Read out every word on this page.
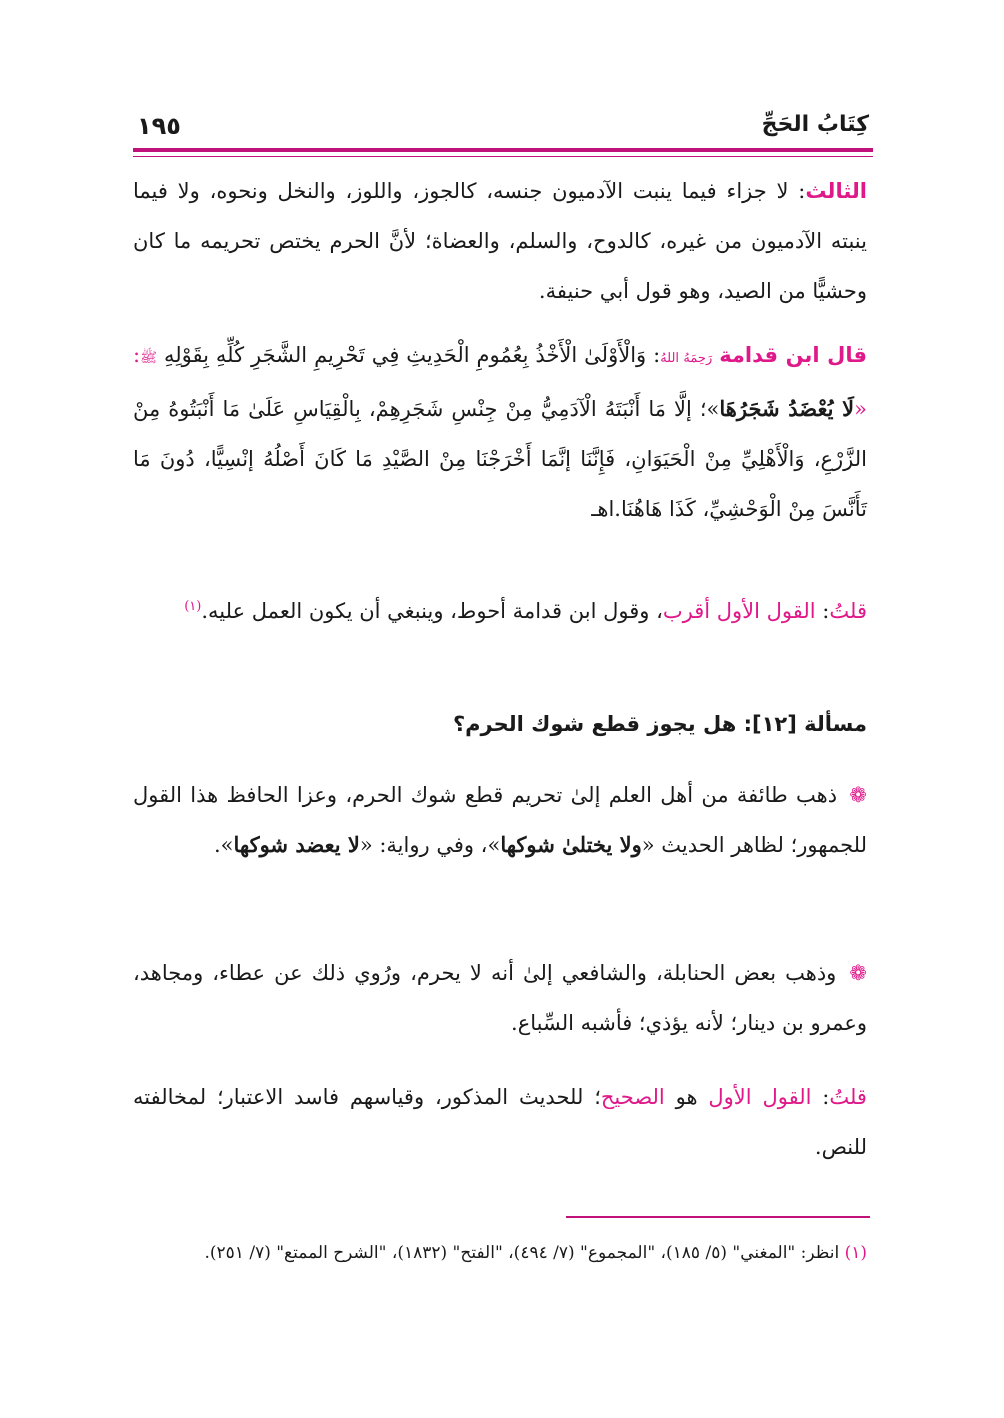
١٩٥	كِتَابُ الحَجِّ

الثالث: لا جزاء فيما ينبت الآدميون جنسه، كالجوز، واللوز، والنخل ونحوه، ولا فيما ينبته الآدميون من غيره، كالدوح، والسلم، والعضاة؛ لأنَّ الحرم يختص تحريمه ما كان وحشيًّا من الصيد، وهو قول أبي حنيفة.

قال ابن قدامة رَحِمَهُ اللهُ: وَالْأَوْلَىٰ الْأَخْذُ بِعُمُومِ الْحَدِيثِ فِي تَحْرِيمِ الشَّجَرِ كُلِّهِ بِقَوْلِهِ ﷺ: «لَا يُعْضَدُ شَجَرُهَا»؛ إلَّا مَا أَنْبَتَهُ الْآدَمِيُّ مِنْ جِنْسِ شَجَرِهِمْ، بِالْقِيَاسِ عَلَىٰ مَا أَنْبَتُوهُ مِنْ الزَّرْعِ، وَالْأَهْلِيِّ مِنْ الْحَيَوَانِ، فَإِنَّنَا إنَّمَا أَخْرَجْنَا مِنْ الصَّيْدِ مَا كَانَ أَصْلُهُ إنْسِيًّا، دُونَ مَا تَأَنَّسَ مِنْ الْوَحْشِيِّ، كَذَا هَاهُنَا.اهـ

قلتُ: القول الأول أقرب، وقول ابن قدامة أحوط، وينبغي أن يكون العمل عليه.$^{(١)}$

مسألة [١٢]: هل يجوز قطع شوك الحرم؟

❁ ذهب طائفة من أهل العلم إلىٰ تحريم قطع شوك الحرم، وعزا الحافظ هذا القول للجمهور؛ لظاهر الحديث «ولا يختلىٰ شوكها»، وفي رواية: «لا يعضد شوكها».

❁ وذهب بعض الحنابلة، والشافعي إلىٰ أنه لا يحرم، ورُوي ذلك عن عطاء، ومجاهد، وعمرو بن دينار؛ لأنه يؤذي؛ فأشبه السِّباع.

قلتُ: القول الأول هو الصحيح؛ للحديث المذكور، وقياسهم فاسد الاعتبار؛ لمخالفته للنص.

(١) انظر: "المغني" (٥/ ١٨٥)، "المجموع" (٧/ ٤٩٤)، "الفتح" (١٨٣٢)، "الشرح الممتع" (٧/ ٢٥١).
